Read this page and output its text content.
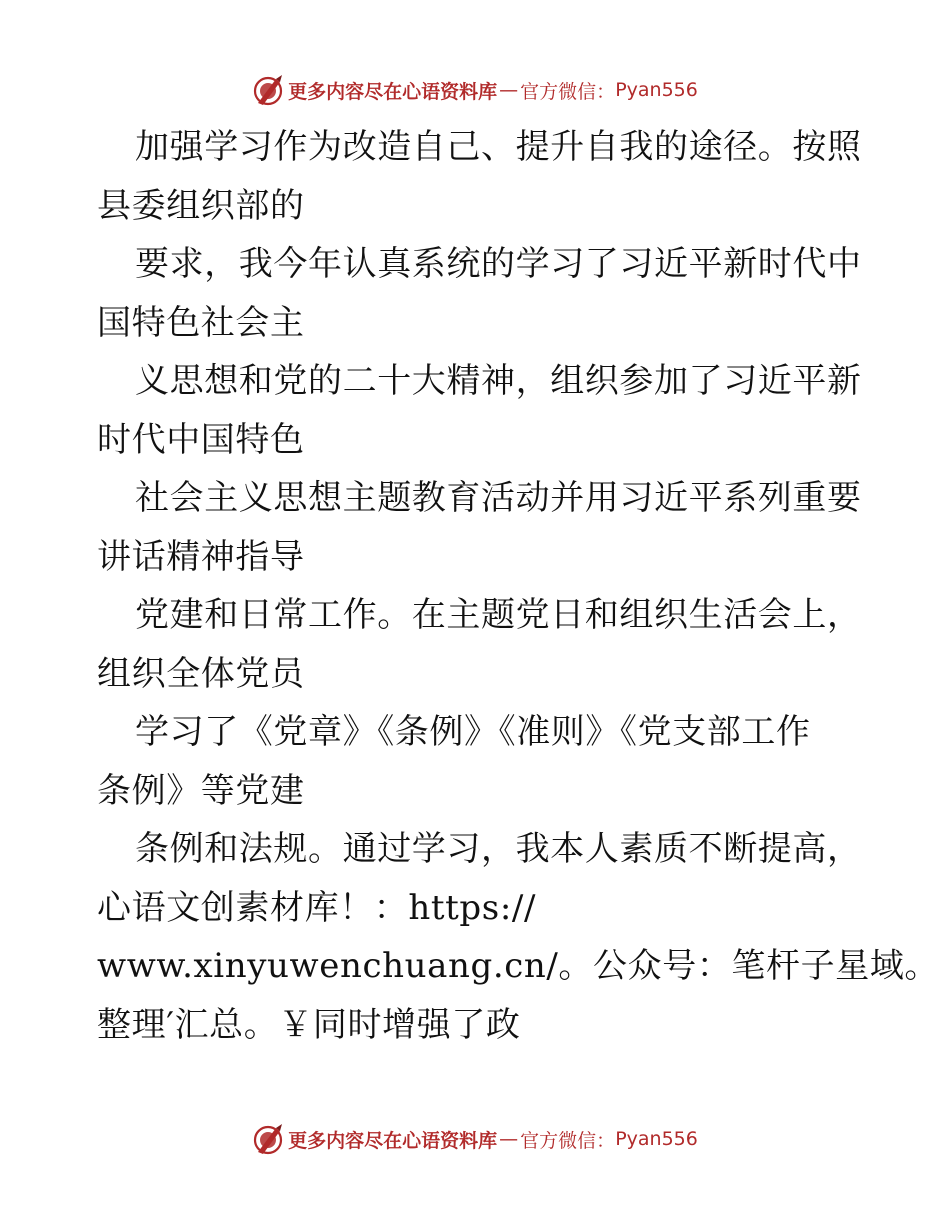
更多内容尽在心语资料库 — 官方微信： Pyan556
加强学习作为改造自己、提升自我的途径。按照
县委组织部的
要求，我今年认真系统的学习了习近平新时代中
国特色社会主
义思想和党的二十大精神，组织参加了习近平新
时代中国特色
社会主义思想主题教育活动并用习近平系列重要
讲话精神指导
党建和日常工作。在主题党日和组织生活会上，
组织全体党员
学习了《党章》《条例》《准则》《党支部工作
条例》等党建
条例和法规。通过学习，我本人素质不断提高，
心语文创素材库！：https://
www.xinyuwenchuang.cn/。公众号：笔杆子星域。
整理′汇总。￥同时增强了政
更多内容尽在心语资料库 — 官方微信： Pyan556
